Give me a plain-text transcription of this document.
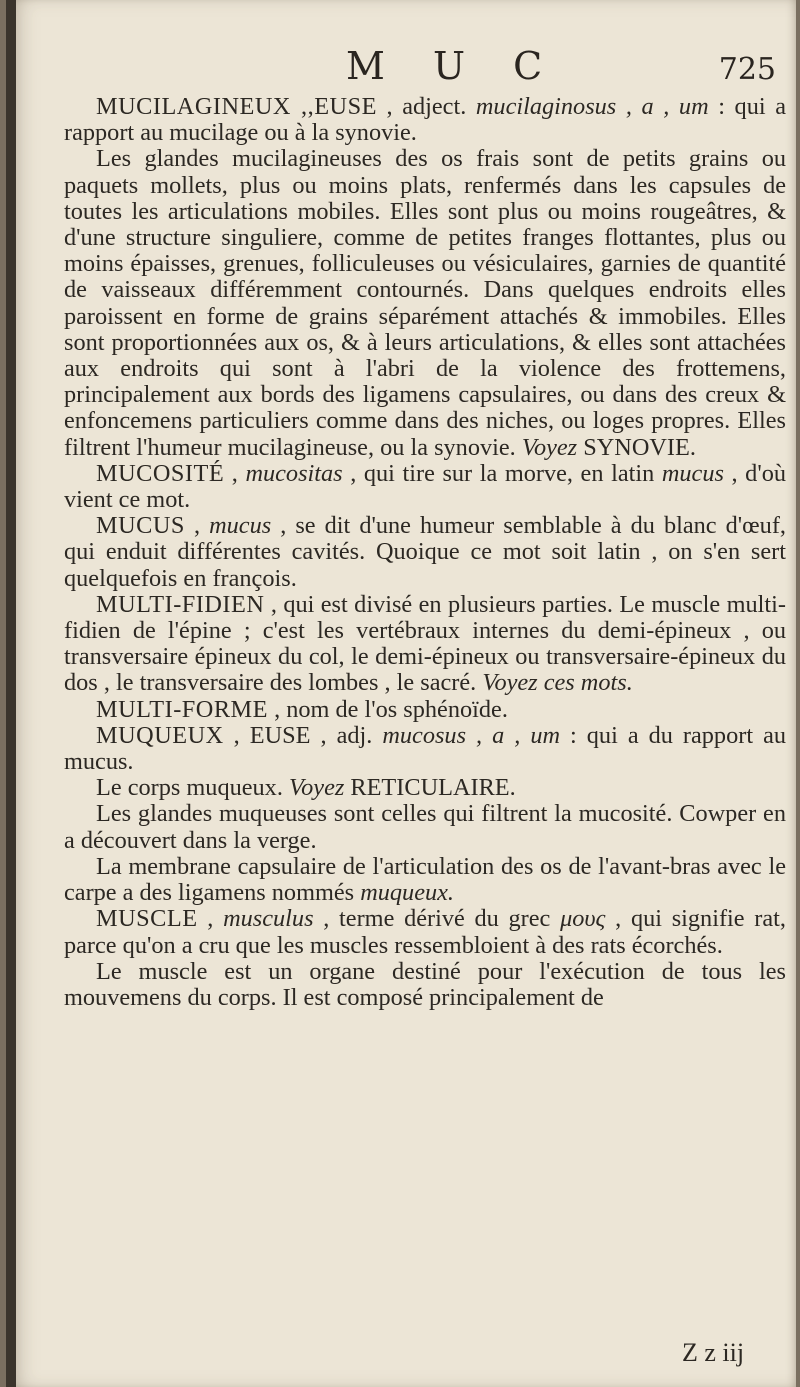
M U C	725

MUCILAGINEUX ,,EUSE , adject. mucilaginosus , a , um : qui a rapport au mucilage ou à la synovie.

Les glandes mucilagineuses des os frais sont de petits grains ou paquets mollets, plus ou moins plats, renfermés dans les capsules de toutes les articulations mobiles. Elles sont plus ou moins rougeâtres, & d'une structure singuliere, comme de petites franges flottantes, plus ou moins épaisses, grenues, folliculeuses ou vésiculaires, garnies de quantité de vaisseaux différemment contournés. Dans quelques endroits elles paroissent en forme de grains séparément attachés & immobiles. Elles sont proportionnées aux os, & à leurs articulations, & elles sont attachées aux endroits qui sont à l'abri de la violence des frottemens, principalement aux bords des ligamens capsulaires, ou dans des creux & enfoncemens particuliers comme dans des niches, ou loges propres. Elles filtrent l'humeur mucilagineuse, ou la synovie. Voyez SYNOVIE.

MUCOSITÉ , mucositas , qui tire sur la morve, en latin mucus , d'où vient ce mot.

MUCUS , mucus , se dit d'une humeur semblable à du blanc d'œuf, qui enduit différentes cavités. Quoique ce mot soit latin , on s'en sert quelquefois en françois.

MULTI-FIDIEN , qui est divisé en plusieurs parties. Le muscle multi-fidien de l'épine ; c'est les vertébraux internes du demi-épineux , ou transversaire épineux du col, le demi-épineux ou transversaire-épineux du dos , le transversaire des lombes , le sacré. Voyez ces mots.

MULTI-FORME , nom de l'os sphénoïde.

MUQUEUX , EUSE , adj. mucosus , a , um : qui a du rapport au mucus.

Le corps muqueux. Voyez RETICULAIRE.

Les glandes muqueuses sont celles qui filtrent la mucosité. Cowper en a découvert dans la verge.

La membrane capsulaire de l'articulation des os de l'avant-bras avec le carpe a des ligamens nommés muqueux.

MUSCLE , musculus , terme dérivé du grec μους , qui signifie rat, parce qu'on a cru que les muscles ressembloient à des rats écorchés.

Le muscle est un organe destiné pour l'exécution de tous les mouvemens du corps. Il est composé principalement de

Z z iij
